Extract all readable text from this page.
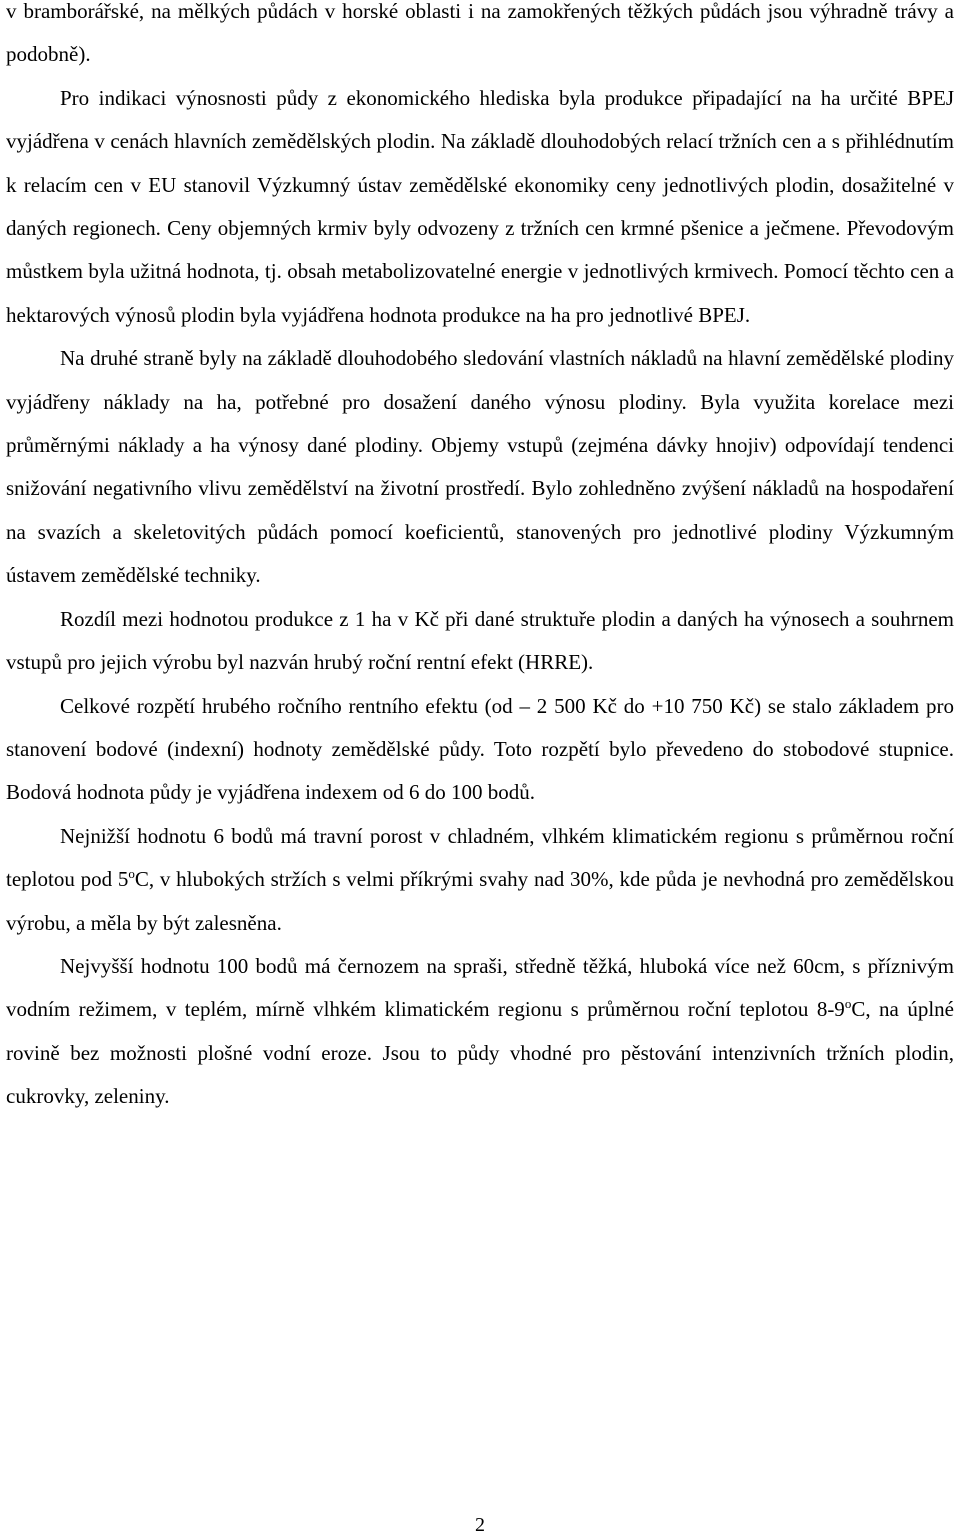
v bramborářské, na mělkých půdách v horské oblasti i na zamokřených těžkých půdách jsou výhradně trávy a podobně).

Pro indikaci výnosnosti půdy z ekonomického hlediska byla produkce připadající na ha určité BPEJ vyjádřena v cenách hlavních zemědělských plodin. Na základě dlouhodobých relací tržních cen a s přihlédnutím k relacím cen v EU stanovil Výzkumný ústav zemědělské ekonomiky ceny jednotlivých plodin, dosažitelné v daných regionech. Ceny objemných krmiv byly odvozeny z tržních cen krmné pšenice a ječmene. Převodovým můstkem byla užitná hodnota, tj. obsah metabolizovatelné energie v jednotlivých krmivech. Pomocí těchto cen a hektarových výnosů plodin byla vyjádřena hodnota produkce na ha pro jednotlivé BPEJ.

Na druhé straně byly na základě dlouhodobého sledování vlastních nákladů na hlavní zemědělské plodiny vyjádřeny náklady na ha, potřebné pro dosažení daného výnosu plodiny. Byla využita korelace mezi průměrnými náklady a ha výnosy dané plodiny. Objemy vstupů (zejména dávky hnojiv) odpovídají tendenci snižování negativního vlivu zemědělství na životní prostředí. Bylo zohledněno zvýšení nákladů na hospodaření na svazích a skeletovitých půdách pomocí koeficientů, stanovených pro jednotlivé plodiny Výzkumným ústavem zemědělské techniky.

Rozdíl mezi hodnotou produkce z 1 ha v Kč při dané struktuře plodin a daných ha výnosech a souhrnem vstupů pro jejich výrobu byl nazván hrubý roční rentní efekt (HRRE).

Celkové rozpětí hrubého ročního rentního efektu (od – 2 500 Kč do +10 750 Kč) se stalo základem pro stanovení bodové (indexní) hodnoty zemědělské půdy. Toto rozpětí bylo převedeno do stobodové stupnice. Bodová hodnota půdy je vyjádřena indexem od 6 do 100 bodů.

Nejnižší hodnotu 6 bodů má travní porost v chladném, vlhkém klimatickém regionu s průměrnou roční teplotou pod 5$^o$C, v hlubokých stržích s velmi příkrými svahy nad 30%, kde půda je nevhodná pro zemědělskou výrobu, a měla by být zalesněna.

Nejvyšší hodnotu 100 bodů má černozem na spraši, středně těžká, hluboká více než 60cm, s příznivým vodním režimem, v teplém, mírně vlhkém klimatickém regionu s průměrnou roční teplotou 8-9$^o$C, na úplné rovině bez možnosti plošné vodní eroze. Jsou to půdy vhodné pro pěstování intenzivních tržních plodin, cukrovky, zeleniny.

2
